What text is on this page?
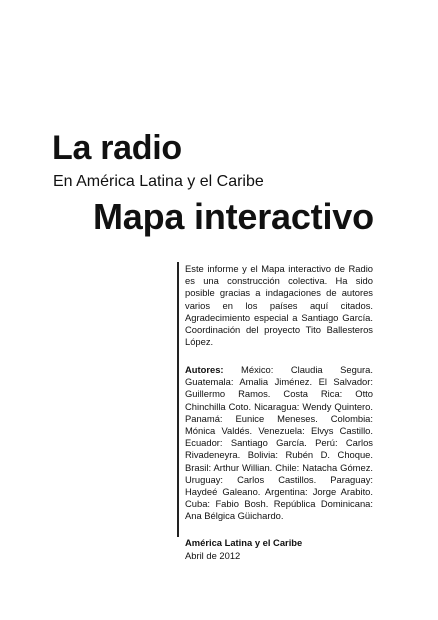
La radio

En América Latina y el Caribe

Mapa interactivo

Este informe y el Mapa interactivo de Radio es una construcción colectiva. Ha sido posible gracias a indagaciones de autores varios en los países aquí citados. Agradecimiento especial a Santiago García. Coordinación del proyecto Tito Ballesteros López.

Autores: México: Claudia Segura. Guatemala: Amalia Jiménez. El Salvador: Guillermo Ramos. Costa Rica: Otto Chinchilla Coto. Nicaragua: Wendy Quintero. Panamá: Eunice Meneses. Colombia: Mónica Valdés. Venezuela: Elvys Castillo. Ecuador: Santiago García. Perú: Carlos Rivadeneyra. Bolivia: Rubén D. Choque. Brasil: Arthur Willian. Chile: Natacha Gómez. Uruguay: Carlos Castillos. Paraguay: Haydeé Galeano. Argentina: Jorge Arabito. Cuba: Fabio Bosh. República Dominicana: Ana Bélgica Güichardo.

América Latina y el Caribe

Abril de 2012
